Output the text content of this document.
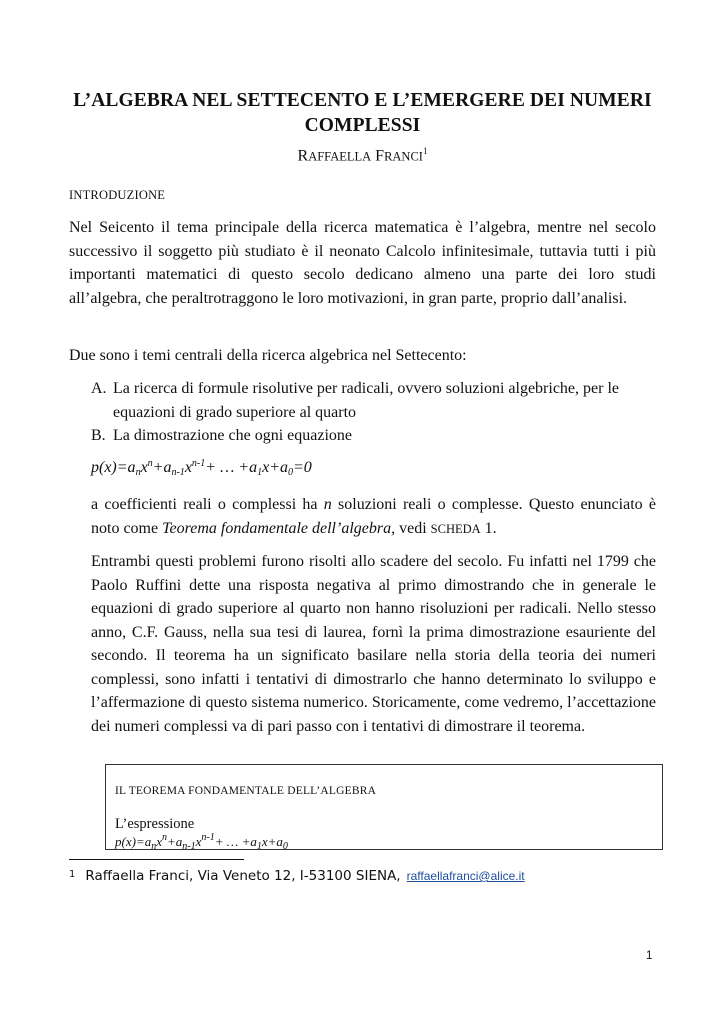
L’ALGEBRA NEL SETTECENTO E L’EMERGERE DEI NUMERI COMPLESSI
RAFFAELLA FRANCI$^1$
INTRODUZIONE

Nel Seicento il tema principale della ricerca matematica è l’algebra, mentre nel secolo successivo il soggetto più studiato è il neonato Calcolo infinitesimale, tuttavia tutti i più importanti matematici di questo secolo dedicano almeno una parte dei loro studi all’algebra, che peraltrotraggono le loro motivazioni, in gran parte, proprio dall’analisi.

Due sono i temi centrali della ricerca algebrica nel Settecento:

A. La ricerca di formule risolutive per radicali, ovvero soluzioni algebriche, per le equazioni di grado superiore al quarto
B. La dimostrazione che ogni equazione
$p(x)=a_nx^n+a_{n-1}x^{n-1}+$ … $+a_1x+a_0=0$

a coefficienti reali o complessi ha n soluzioni reali o complesse. Questo enunciato è noto come Teorema fondamentale dell’algebra, vedi SCHEDA 1.

Entrambi questi problemi furono risolti allo scadere del secolo. Fu infatti nel 1799 che Paolo Ruffini dette una risposta negativa al primo dimostrando che in generale le equazioni di grado superiore al quarto non hanno risoluzioni per radicali. Nello stesso anno, C.F. Gauss, nella sua tesi di laurea, fornì la prima dimostrazione esauriente del secondo. Il teorema ha un significato basilare nella storia della teoria dei numeri complessi, sono infatti i tentativi di dimostrarlo che hanno determinato lo sviluppo e l’affermazione di questo sistema numerico. Storicamente, come vedremo, l’accettazione dei numeri complessi va di pari passo con i tentativi di dimostrare il teorema.

IL TEOREMA FONDAMENTALE DELL’ALGEBRA
L’espressione
$p(x)=a_nx^n+a_{n-1}x^{n-1}+$ … $+a_1x+a_0$
$^1$ Raffaella Franci, Via Veneto 12, I-53100 SIENA, raffaellafranci@alice.it
1
